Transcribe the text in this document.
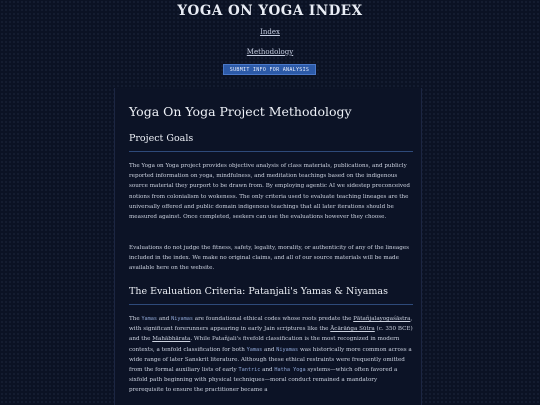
YOGA ON YOGA INDEX
Index
Methodology
SUBMIT INFO FOR ANALYSIS
Yoga On Yoga Project Methodology
Project Goals

The Yoga on Yoga project provides objective analysis of class materials, publications, and publicly reported information on yoga, mindfulness, and meditation teachings based on the indigenous source material they purport to be drawn from. By employing agentic AI we sidestep preconceived notions from colonialism to wokeness. The only criteria used to evaluate teaching lineages are the universally offered and public domain indigenous teachings that all later iterations should be measured against. Once completed, seekers can use the evaluations however they choose.

Evaluations do not judge the fitness, safety, legality, morality, or authenticity of any of the lineages included in the index. We make no original claims, and all of our source materials will be made available here on the website.

The Evaluation Criteria: Patanjali's Yamas & Niyamas

The Yamas and Niyamas are foundational ethical codes whose roots predate the Pātañjalayogaśāstra, with significant forerunners appearing in early Jain scriptures like the Ācārāṅga Sūtra (c. 350 BCE) and the Mahābhārata. While Patañjali's fivefold classification is the most recognized in modern contexts, a tenfold classification for both Yamas and Niyamas was historically more common across a wide range of later Sanskrit literature. Although these ethical restraints were frequently omitted from the formal auxiliary lists of early Tantric and Hatha Yoga systems—which often favored a sixfold path beginning with physical techniques—moral conduct remained a mandatory prerequisite to ensure the practitioner became a
